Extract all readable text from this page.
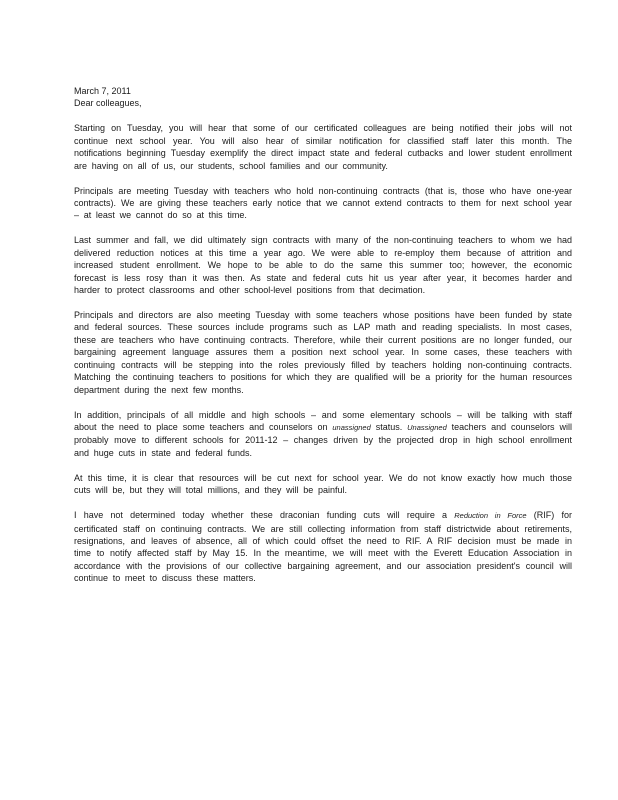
March 7, 2011
Dear colleagues,

Starting on Tuesday, you will hear that some of our certificated colleagues are being notified their jobs will not continue next school year. You will also hear of similar notification for classified staff later this month. The notifications beginning Tuesday exemplify the direct impact state and federal cutbacks and lower student enrollment are having on all of us, our students, school families and our community.

Principals are meeting Tuesday with teachers who hold non-continuing contracts (that is, those who have one-year contracts). We are giving these teachers early notice that we cannot extend contracts to them for next school year – at least we cannot do so at this time.

Last summer and fall, we did ultimately sign contracts with many of the non-continuing teachers to whom we had delivered reduction notices at this time a year ago. We were able to re-employ them because of attrition and increased student enrollment. We hope to be able to do the same this summer too; however, the economic forecast is less rosy than it was then. As state and federal cuts hit us year after year, it becomes harder and harder to protect classrooms and other school-level positions from that decimation.

Principals and directors are also meeting Tuesday with some teachers whose positions have been funded by state and federal sources. These sources include programs such as LAP math and reading specialists. In most cases, these are teachers who have continuing contracts. Therefore, while their current positions are no longer funded, our bargaining agreement language assures them a position next school year. In some cases, these teachers with continuing contracts will be stepping into the roles previously filled by teachers holding non-continuing contracts. Matching the continuing teachers to positions for which they are qualified will be a priority for the human resources department during the next few months.

In addition, principals of all middle and high schools – and some elementary schools – will be talking with staff about the need to place some teachers and counselors on unassigned status. Unassigned teachers and counselors will probably move to different schools for 2011-12 – changes driven by the projected drop in high school enrollment and huge cuts in state and federal funds.

At this time, it is clear that resources will be cut next for school year. We do not know exactly how much those cuts will be, but they will total millions, and they will be painful.

I have not determined today whether these draconian funding cuts will require a Reduction in Force (RIF) for certificated staff on continuing contracts. We are still collecting information from staff districtwide about retirements, resignations, and leaves of absence, all of which could offset the need to RIF. A RIF decision must be made in time to notify affected staff by May 15. In the meantime, we will meet with the Everett Education Association in accordance with the provisions of our collective bargaining agreement, and our association president's council will continue to meet to discuss these matters.
